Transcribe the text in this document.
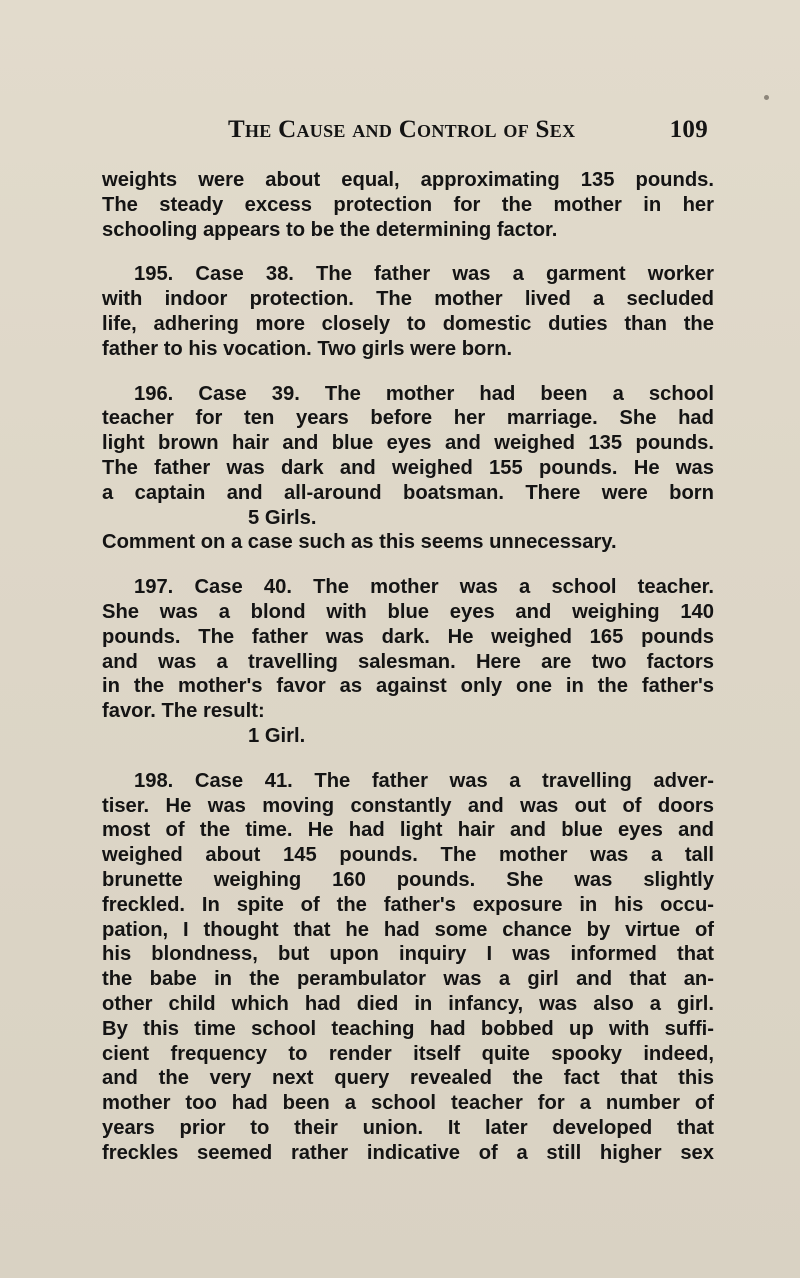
The Cause and Control of Sex	109
weights were about equal, approximating 135 pounds.
The steady excess protection for the mother in her
schooling appears to be the determining factor.
195. Case 38. The father was a garment worker
with indoor protection. The mother lived a secluded
life, adhering more closely to domestic duties than the
father to his vocation. Two girls were born.
196. Case 39. The mother had been a school
teacher for ten years before her marriage. She had
light brown hair and blue eyes and weighed 135 pounds.
The father was dark and weighed 155 pounds. He was
a captain and all-around boatsman. There were born
5 Girls.
Comment on a case such as this seems unnecessary.
197. Case 40. The mother was a school teacher.
She was a blond with blue eyes and weighing 140
pounds. The father was dark. He weighed 165 pounds
and was a travelling salesman. Here are two factors
in the mother's favor as against only one in the father's
favor. The result:
1 Girl.
198. Case 41. The father was a travelling adver-
tiser. He was moving constantly and was out of doors
most of the time. He had light hair and blue eyes and
weighed about 145 pounds. The mother was a tall
brunette weighing 160 pounds. She was slightly
freckled. In spite of the father's exposure in his occu-
pation, I thought that he had some chance by virtue of
his blondness, but upon inquiry I was informed that
the babe in the perambulator was a girl and that an-
other child which had died in infancy, was also a girl.
By this time school teaching had bobbed up with suffi-
cient frequency to render itself quite spooky indeed,
and the very next query revealed the fact that this
mother too had been a school teacher for a number of
years prior to their union. It later developed that
freckles seemed rather indicative of a still higher sex
